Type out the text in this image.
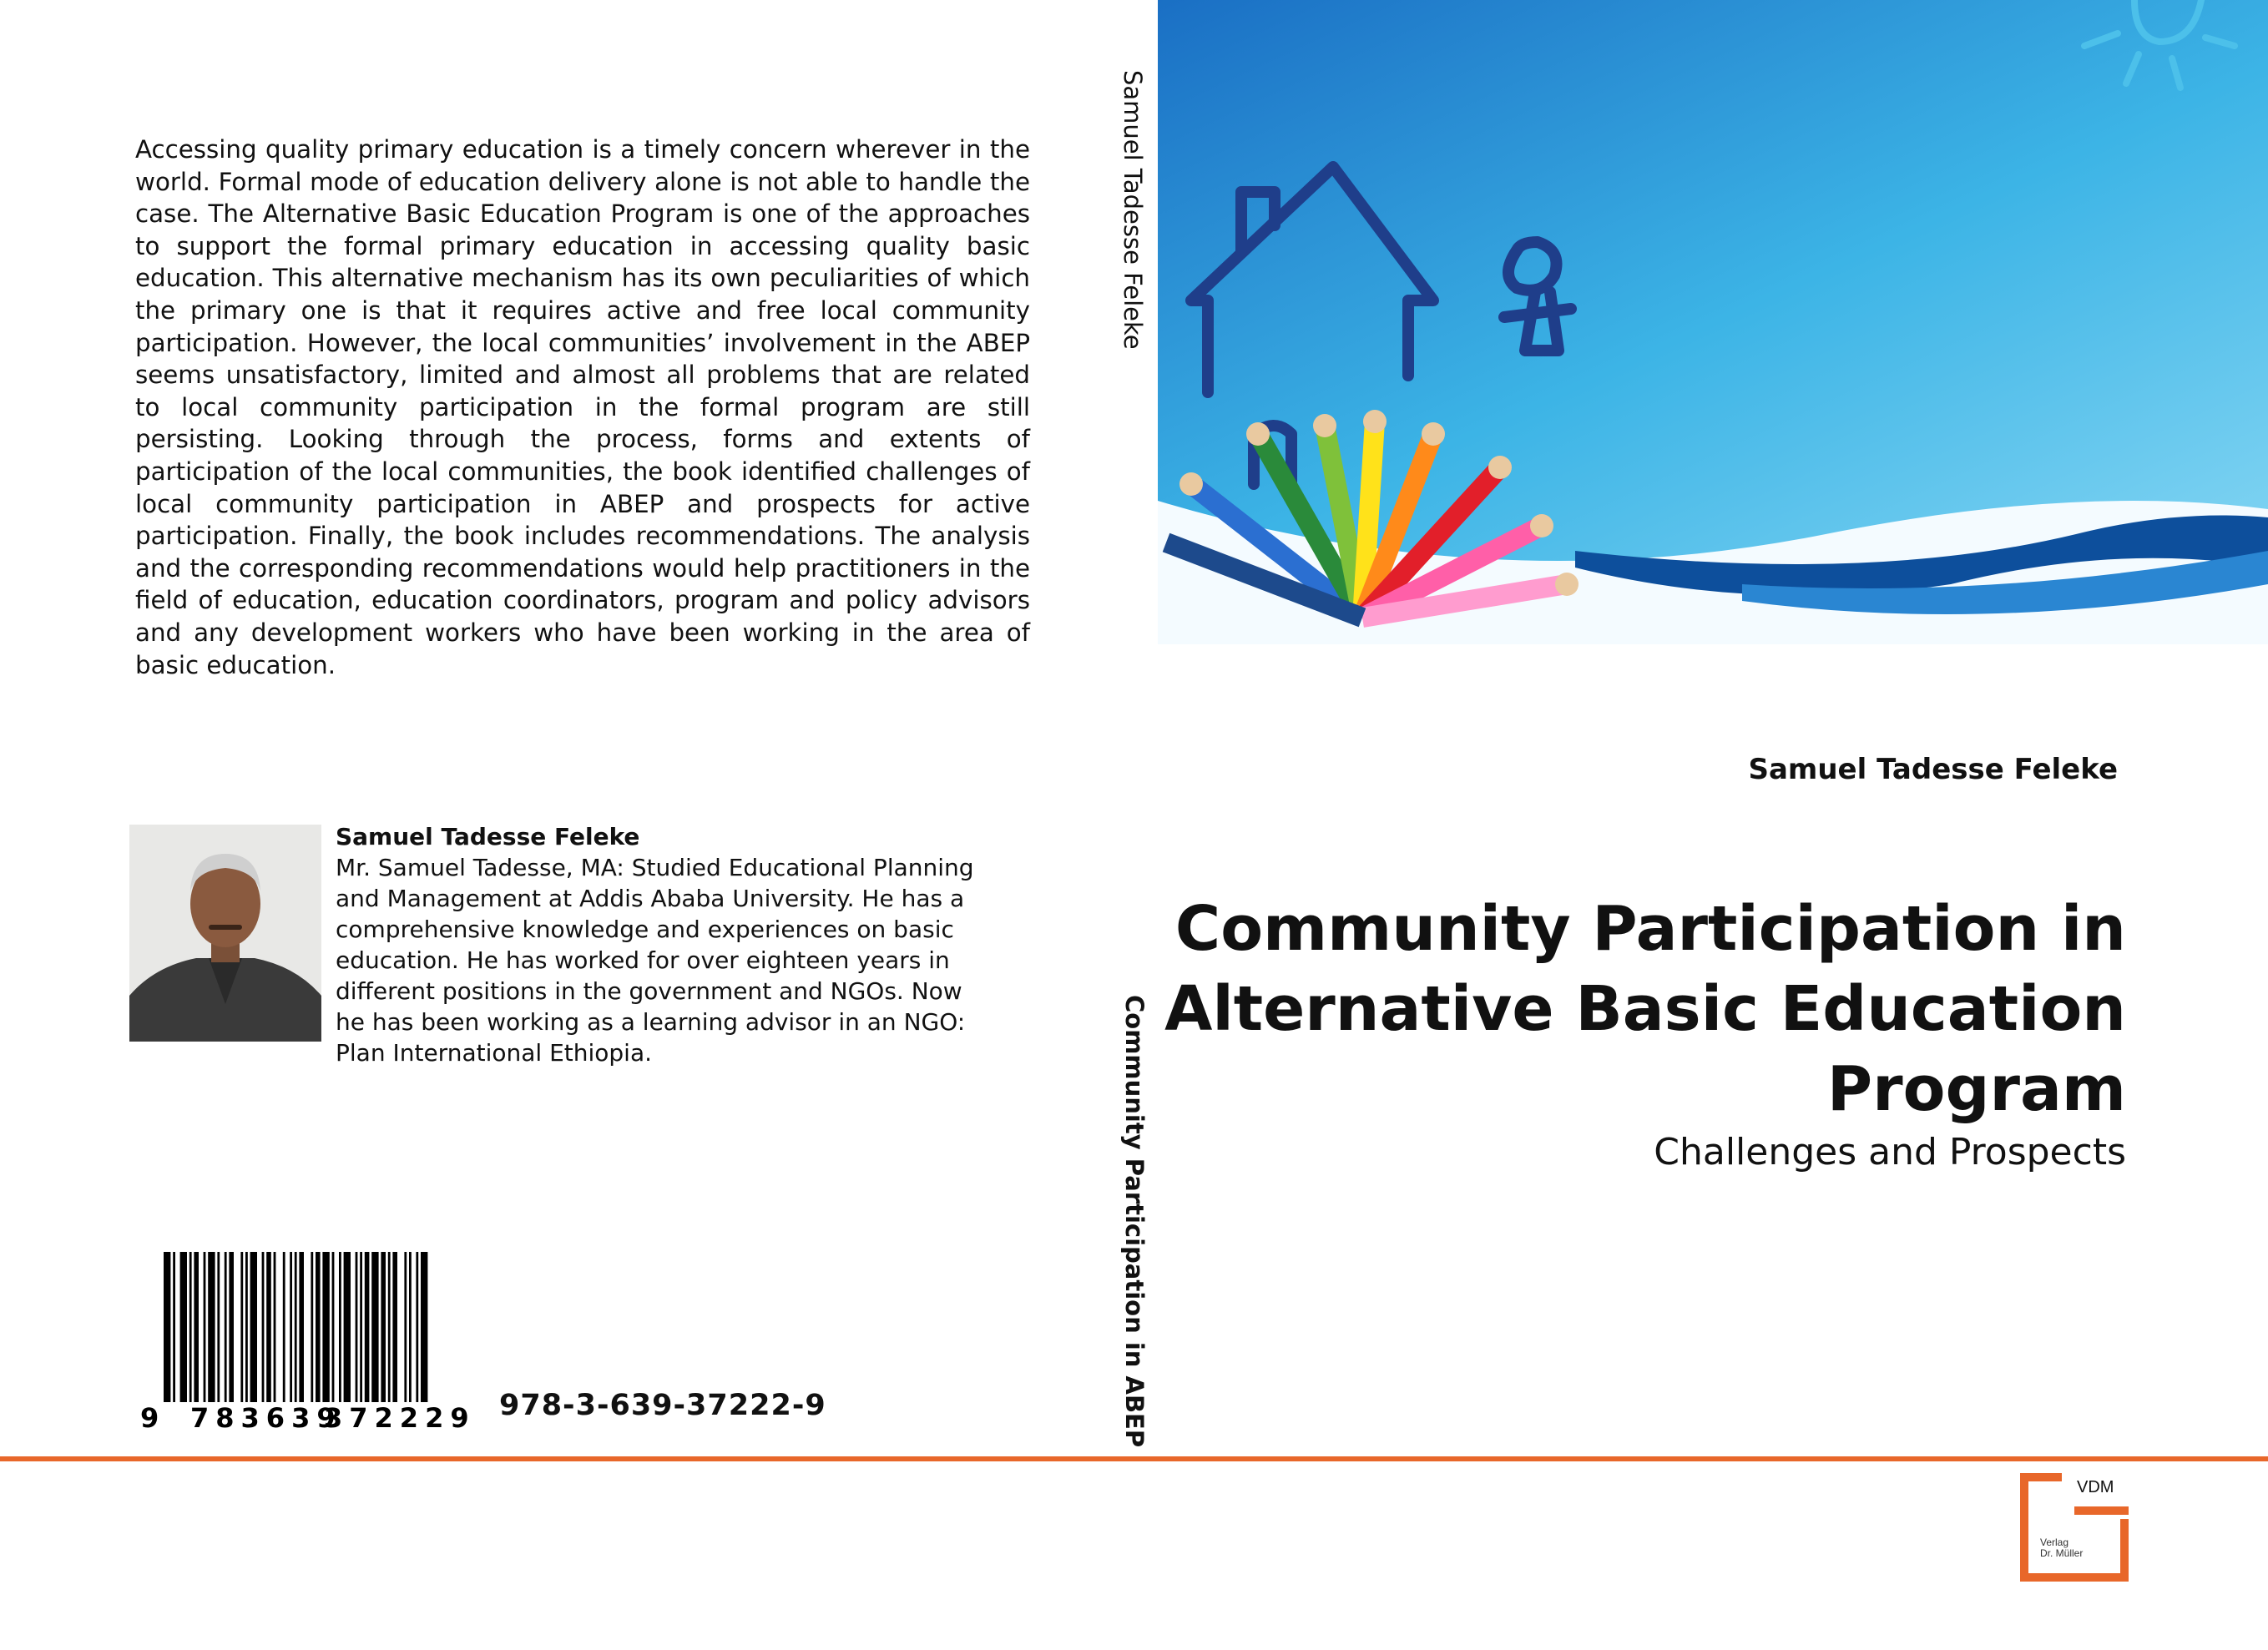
Accessing quality primary education is a timely concern wherever in the world. Formal mode of education delivery alone is not able to handle the case. The Alternative Basic Education Program is one of the approaches to support the formal primary education in accessing quality basic education. This alternative mechanism has its own peculiarities of which the primary one is that it requires active and free local community participation. However, the local communities’ involvement in the ABEP seems unsatisfactory, limited and almost all problems that are related to local community participation in the formal program are still persisting. Looking through the process, forms and extents of participation of the local communities, the book identified challenges of local community participation in ABEP and prospects for active participation. Finally, the book includes recommendations. The analysis and the corresponding recommendations would help practitioners in the field of education, education coordinators, program and policy advisors and any development workers who have been working in the area of basic education.
Samuel Tadesse Feleke
Mr. Samuel Tadesse, MA: Studied Educational Planning and Management at Addis Ababa University. He has a comprehensive knowledge and experiences on basic education. He has worked for over eighteen years in different positions in the government and NGOs. Now he has been working as a learning advisor in an NGO: Plan International Ethiopia.
9 783639
372229 978-3-639-37222-9
Samuel Tadesse Feleke
Community Participation in ABEP
Samuel Tadesse Feleke
Community Participation in
Alternative Basic Education
Program
Challenges and Prospects
VDM
Verlag
Dr. Müller
